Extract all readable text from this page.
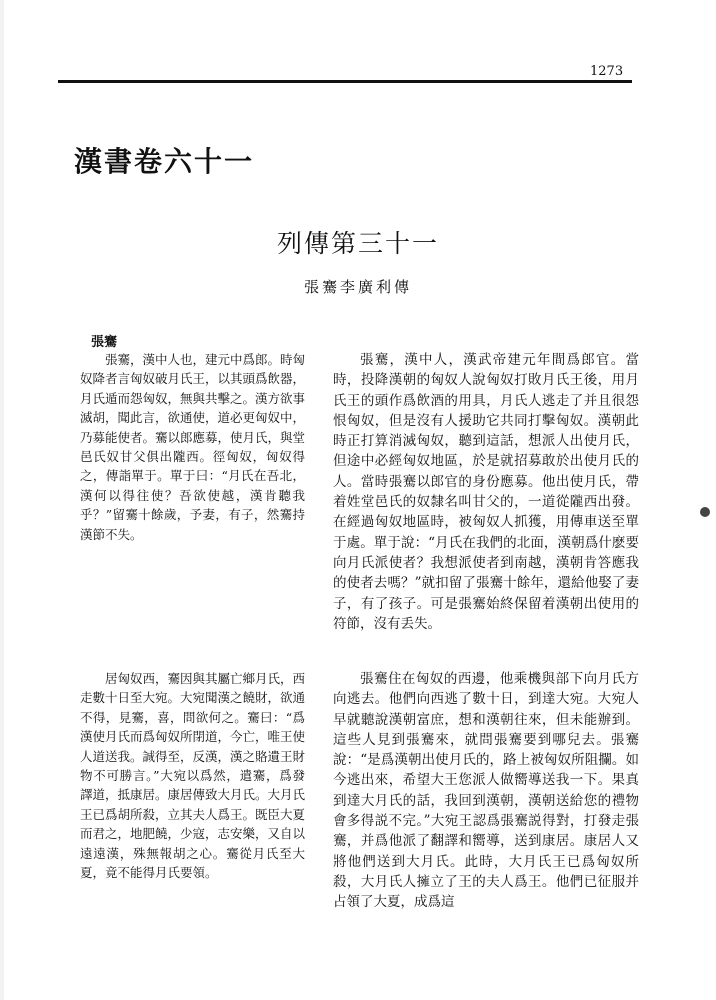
1273
漢書卷六十一
列傳第三十一
張騫李廣利傳
張騫
張騫，漢中人也，建元中爲郎。時匈奴降者言匈奴破月氏王，以其頭爲飲器，月氏遁而怨匈奴，無與共擊之。漢方欲事滅胡，聞此言，欲通使，道必更匈奴中，乃募能使者。騫以郎應募，使月氏，與堂邑氏奴甘父俱出隴西。徑匈奴，匈奴得之，傳詣單于。單于曰：“月氏在吾北，漢何以得往使？吾欲使越，漢肯聽我乎？”留騫十餘歲，予妻，有子，然騫持漢節不失。
居匈奴西，騫因與其屬亡鄉月氏，西走數十日至大宛。大宛聞漢之饒財，欲通不得，見騫，喜，問欲何之。騫曰：“爲漢使月氏而爲匈奴所閉道，今亡，唯王使人道送我。誠得至，反漢，漢之賂遺王財物不可勝言。”大宛以爲然，遣騫，爲發譯道，抵康居。康居傳致大月氏。大月氏王已爲胡所殺，立其夫人爲王。既臣大夏而君之，地肥饒，少寇，志安樂，又自以遠遠漢，殊無報胡之心。騫從月氏至大夏，竟不能得月氏要領。
張騫，漢中人，漢武帝建元年間爲郎官。當時，投降漢朝的匈奴人說匈奴打敗月氏王後，用月氏王的頭作爲飲酒的用具，月氏人逃走了并且很怨恨匈奴，但是沒有人援助它共同打擊匈奴。漢朝此時正打算消滅匈奴，聽到這話，想派人出使月氏，但途中必經匈奴地區，於是就招募敢於出使月氏的人。當時張騫以郎官的身份應募。他出使月氏，帶着姓堂邑氏的奴隸名叫甘父的，一道從隴西出發。在經過匈奴地區時，被匈奴人抓獲，用傳車送至單于處。單于說：“月氏在我們的北面，漢朝爲什麽要向月氏派使者？我想派使者到南越，漢朝肯答應我的使者去嗎？”就扣留了張騫十餘年，還給他娶了妻子，有了孩子。可是張騫始終保留着漢朝出使用的符節，沒有丢失。
張騫住在匈奴的西邊，他乘機與部下向月氏方向逃去。他們向西逃了數十日，到達大宛。大宛人早就聽說漢朝富庶，想和漢朝往來，但未能辦到。這些人見到張騫來，就問張騫要到哪兒去。張騫說：“是爲漢朝出使月氏的，路上被匈奴所阻攔。如今逃出來，希望大王您派人做嚮導送我一下。果真到達大月氏的話，我回到漢朝，漢朝送給您的禮物會多得説不完。”大宛王認爲張騫説得對，打發走張騫，并爲他派了翻譯和嚮導，送到康居。康居人又將他們送到大月氏。此時，大月氏王已爲匈奴所殺，大月氏人擁立了王的夫人爲王。他們已征服并占領了大夏，成爲這
